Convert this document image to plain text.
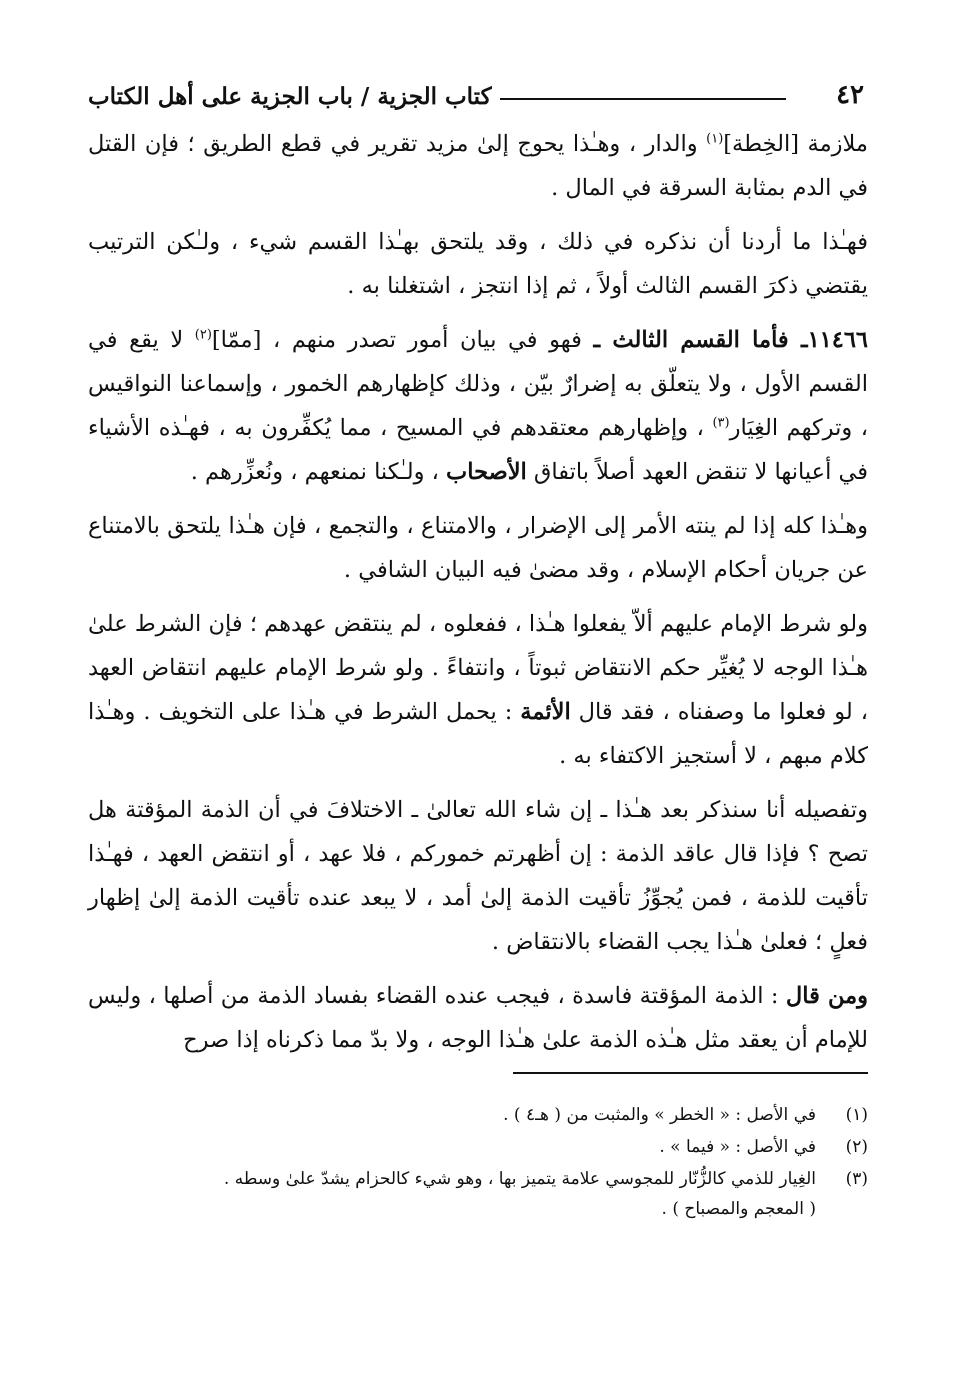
٤٢
كتاب الجزية / باب الجزية على أهل الكتاب

ملازمة [الخِطة]$^{(١)}$ والدار ، وهـٰذا يحوج إلىٰ مزيد تقرير في قطع الطريق ؛ فإن القتل في الدم بمثابة السرقة في المال .

فهـٰذا ما أردنا أن نذكره في ذلك ، وقد يلتحق بهـٰذا القسم شيء ، ولـٰكن الترتيب يقتضي ذكرَ القسم الثالث أولاً ، ثم إذا انتجز ، اشتغلنا به .

١١٤٦٦ـ فأما القسم الثالث ـ فهو في بيان أمور تصدر منهم ، [ممّا]$^{(٢)}$ لا يقع في القسم الأول ، ولا يتعلّق به إضرارٌ بيّن ، وذلك كإظهارهم الخمور ، وإسماعنا النواقيس ، وتركهم الغِيَار$^{(٣)}$ ، وإظهارهم معتقدهم في المسيح ، مما يُكفِّرون به ، فهـٰذه الأشياء في أعيانها لا تنقض العهد أصلاً باتفاق الأصحاب ، ولـٰكنا نمنعهم ، ونُعزِّرهم .

وهـٰذا كله إذا لم ينته الأمر إلى الإضرار ، والامتناع ، والتجمع ، فإن هـٰذا يلتحق بالامتناع عن جريان أحكام الإسلام ، وقد مضىٰ فيه البيان الشافي .

ولو شرط الإمام عليهم ألاّ يفعلوا هـٰذا ، ففعلوه ، لم ينتقض عهدهم ؛ فإن الشرط علىٰ هـٰذا الوجه لا يُغيِّر حكم الانتقاض ثبوتاً ، وانتفاءً . ولو شرط الإمام عليهم انتقاض العهد ، لو فعلوا ما وصفناه ، فقد قال الأئمة : يحمل الشرط في هـٰذا على التخويف . وهـٰذا كلام مبهم ، لا أستجيز الاكتفاء به .

وتفصيله أنا سنذكر بعد هـٰذا ـ إن شاء الله تعالىٰ ـ الاختلافَ في أن الذمة المؤقتة هل تصح ؟ فإذا قال عاقد الذمة : إن أظهرتم خموركم ، فلا عهد ، أو انتقض العهد ، فهـٰذا تأقيت للذمة ، فمن يُجوِّزُ تأقيت الذمة إلىٰ أمد ، لا يبعد عنده تأقيت الذمة إلىٰ إظهار فعلٍ ؛ فعلىٰ هـٰذا يجب القضاء بالانتقاض .

ومن قال : الذمة المؤقتة فاسدة ، فيجب عنده القضاء بفساد الذمة من أصلها ، وليس للإمام أن يعقد مثل هـٰذه الذمة علىٰ هـٰذا الوجه ، ولا بدّ مما ذكرناه إذا صرح

(١)
في الأصل : « الخطر » والمثبت من ( هـ٤ ) .
(٢)
في الأصل : « فيما » .
(٣)
الغِيار للذمي كالزُّنّار للمجوسي علامة يتميز بها ، وهو شيء كالحزام يشدّ علىٰ وسطه .
( المعجم والمصباح ) .
